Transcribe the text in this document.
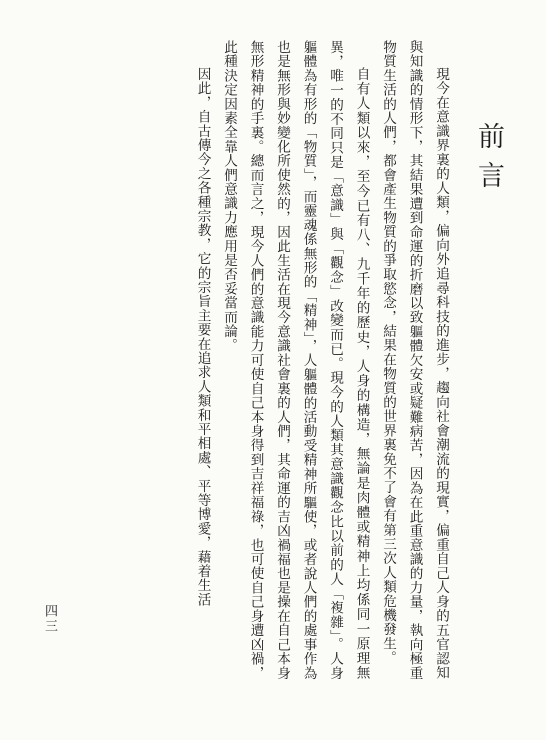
前言

現今在意識界裏的人類，偏向外追尋科技的進步，趨向社會潮流的現實，偏重自己人身的五官認知與知識的情形下，其結果遭到命運的折磨以致軀體欠安或疑難病苦，因為在此重意識的力量，執向極重物質生活的人們，都會產生物質的爭取慾念，結果在物質的世界裏免不了會有第三次人類危機發生。

自有人類以來，至今已有八、九千年的歷史，人身的構造，無論是肉體或精神上均係同一原理無異，唯一的不同只是「意識」與「觀念」改變而已。現今的人類其意識觀念比以前的人「複雜」。人身軀體為有形的「物質」，而靈魂係無形的「精神」，人軀體的活動受精神所驅使，或者說人們的處事作為也是無形與妙變化所使然的，因此生活在現今意識社會裏的人們，其命運的吉凶禍福也是操在自己本身無形精神的手裏。總而言之，現今人們的意識能力可使自己本身得到吉祥福祿，也可使自己身遭凶禍，此種決定因素全靠人們意識力應用是否妥當而論。

因此，自古傳今之各種宗教，它的宗旨主要在追求人類和平相處、平等博愛，藉着生活

四三
